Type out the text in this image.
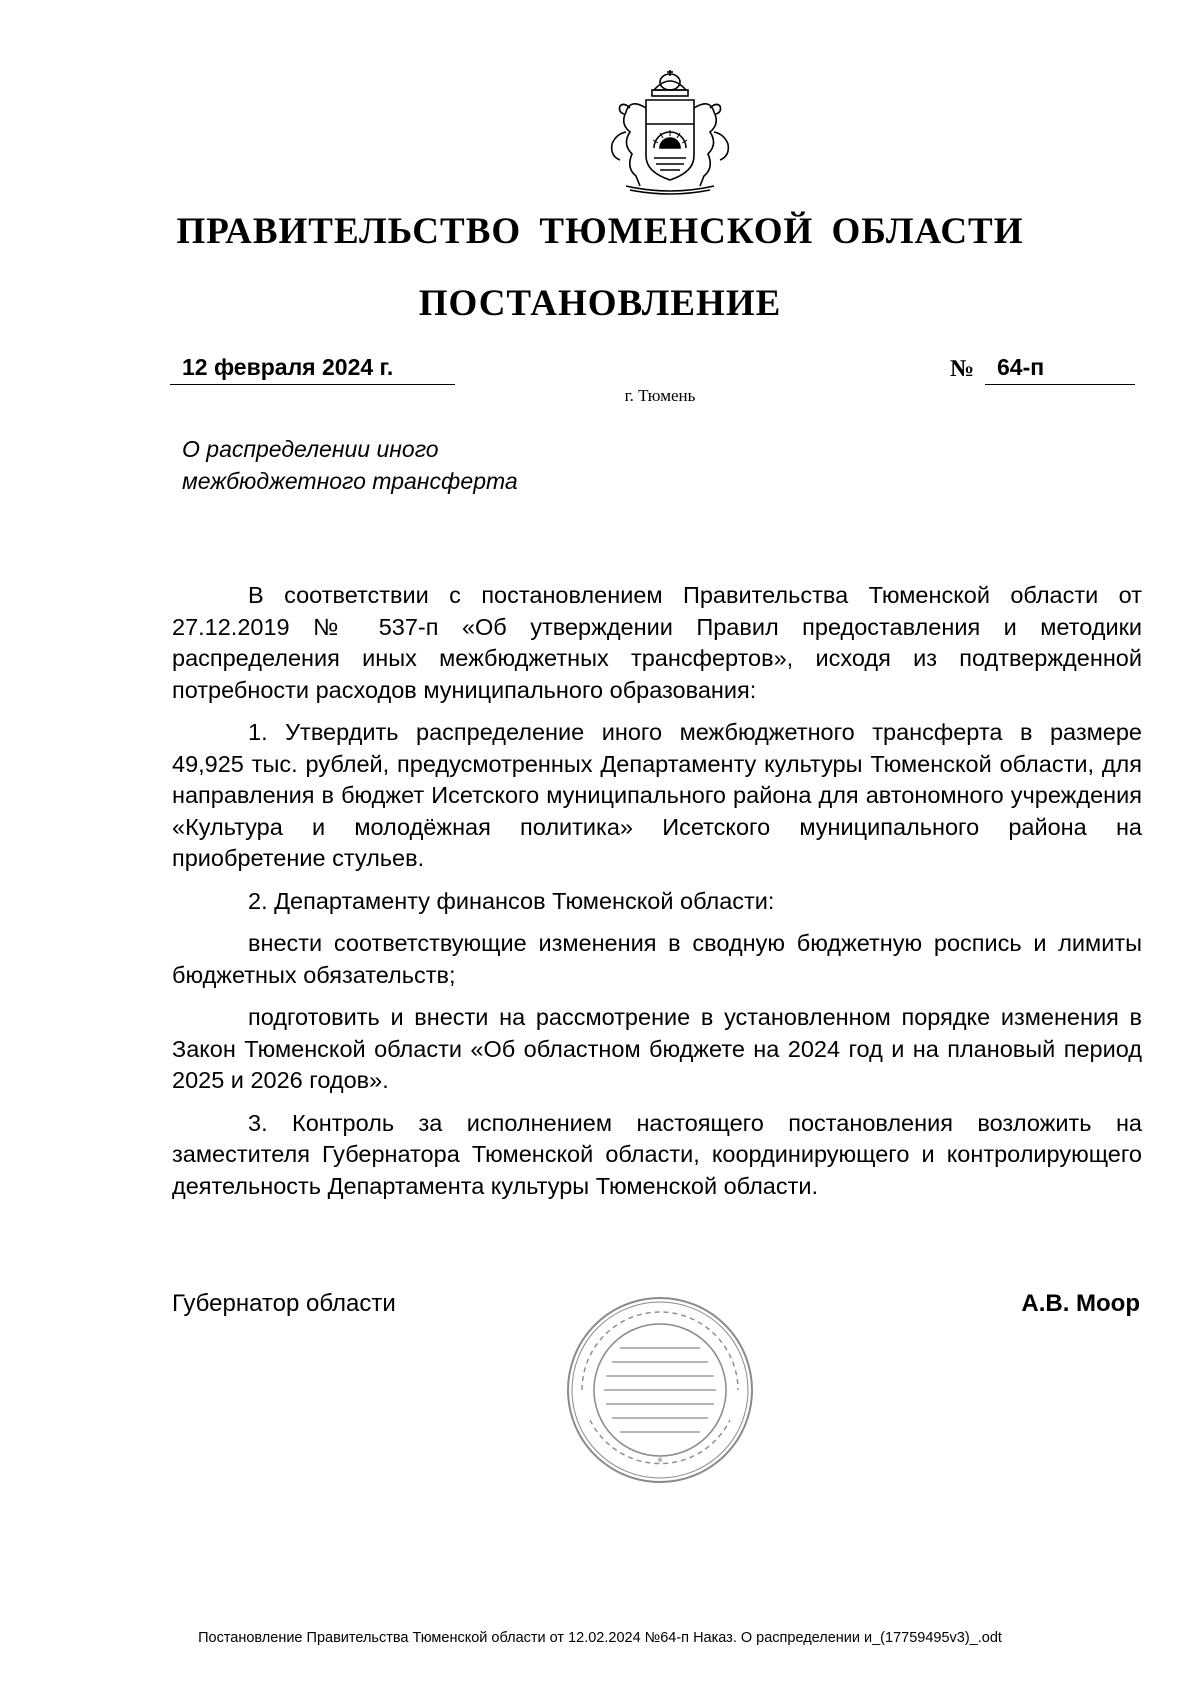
ПРАВИТЕЛЬСТВО ТЮМЕНСКОЙ ОБЛАСТИ
ПОСТАНОВЛЕНИЕ
12 февраля 2024 г.	№ 64-п
г. Тюмень
О распределении иного
межбюджетного трансферта

В соответствии с постановлением Правительства Тюменской области от 27.12.2019 № 537-п «Об утверждении Правил предоставления и методики распределения иных межбюджетных трансфертов», исходя из подтвержденной потребности расходов муниципального образования:

1. Утвердить распределение иного межбюджетного трансферта в размере 49,925 тыс. рублей, предусмотренных Департаменту культуры Тюменской области, для направления в бюджет Исетского муниципального района для автономного учреждения «Культура и молодёжная политика» Исетского муниципального района на приобретение стульев.

2. Департаменту финансов Тюменской области:

внести соответствующие изменения в сводную бюджетную роспись и лимиты бюджетных обязательств;

подготовить и внести на рассмотрение в установленном порядке изменения в Закон Тюменской области «Об областном бюджете на 2024 год и на плановый период 2025 и 2026 годов».

3. Контроль за исполнением настоящего постановления возложить на заместителя Губернатора Тюменской области, координирующего и контролирующего деятельность Департамента культуры Тюменской области.

Губернатор области	А.В. Моор
*
Постановление Правительства Тюменской области от 12.02.2024 №64-п Наказ. О распределении и_(17759495v3)_.odt
